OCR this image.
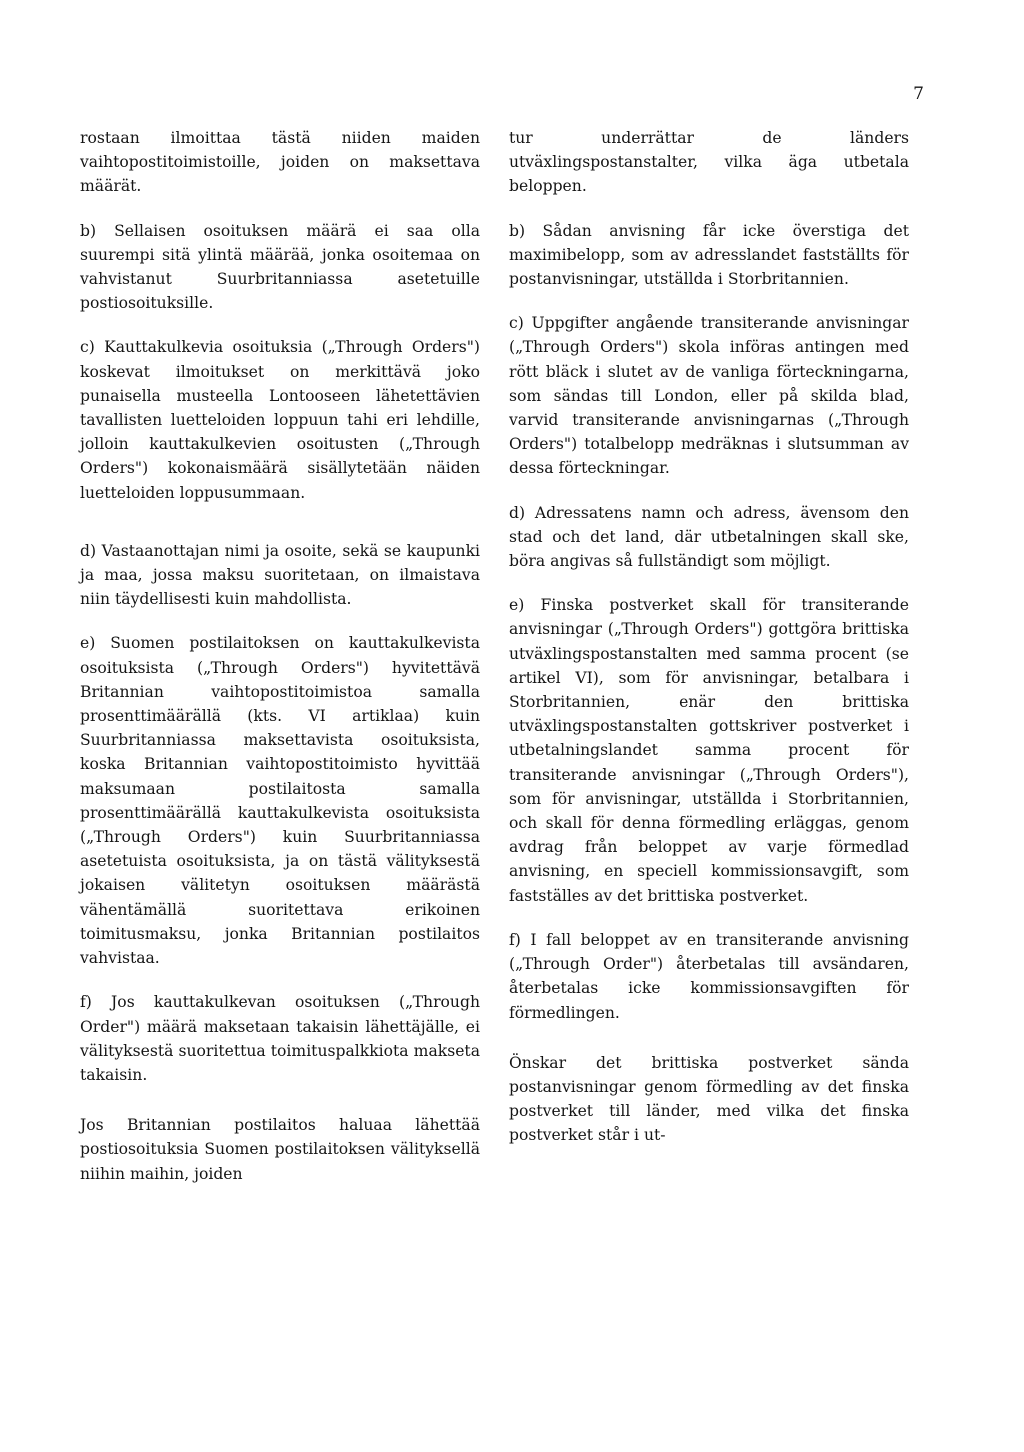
7

rostaan ilmoittaa tästä niiden maiden vaihtopostitoimistoille, joiden on maksettava määrät.

b) Sellaisen osoituksen määrä ei saa olla suurempi sitä ylintä määrää, jonka osoitemaa on vahvistanut Suurbritanniassa asetetuille postiosoituksille.

c) Kauttakulkevia osoituksia („Through Orders") koskevat ilmoitukset on merkittävä joko punaisella musteella Lontooseen lähetettävien tavallisten luetteloiden loppuun tahi eri lehdille, jolloin kauttakulkevien osoitusten („Through Orders") kokonaismäärä sisällytetään näiden luetteloiden loppusummaan.

d) Vastaanottajan nimi ja osoite, sekä se kaupunki ja maa, jossa maksu suoritetaan, on ilmaistava niin täydellisesti kuin mahdollista.

e) Suomen postilaitoksen on kauttakulkevista osoituksista („Through Orders") hyvitettävä Britannian vaihtopostitoimistoa samalla prosenttimäärällä (kts. VI artiklaa) kuin Suurbritanniassa maksettavista osoituksista, koska Britannian vaihtopostitoimisto hyvittää maksumaan postilaitosta samalla prosenttimäärällä kauttakulkevista osoituksista („Through Orders") kuin Suurbritanniassa asetetuista osoituksista, ja on tästä välityksestä jokaisen välitetyn osoituksen määrästä vähentämällä suoritettava erikoinen toimitusmaksu, jonka Britannian postilaitos vahvistaa.

f) Jos kauttakulkevan osoituksen („Through Order") määrä maksetaan takaisin lähettäjälle, ei välityksestä suoritettua toimituspalkkiota makseta takaisin.

Jos Britannian postilaitos haluaa lähettää postiosoituksia Suomen postilaitoksen välityksellä niihin maihin, joiden

tur underrättar de länders utväxlingspostanstalter, vilka äga utbetala beloppen.

b) Sådan anvisning får icke överstiga det maximibelopp, som av adresslandet fastställts för postanvisningar, utställda i Storbritannien.

c) Uppgifter angående transiterande anvisningar („Through Orders") skola införas antingen med rött bläck i slutet av de vanliga förteckningarna, som sändas till London, eller på skilda blad, varvid transiterande anvisningarnas („Through Orders") totalbelopp medräknas i slutsumman av dessa förteckningar.

d) Adressatens namn och adress, ävensom den stad och det land, där utbetalningen skall ske, böra angivas så fullständigt som möjligt.

e) Finska postverket skall för transiterande anvisningar („Through Orders") gottgöra brittiska utväxlingspostanstalten med samma procent (se artikel VI), som för anvisningar, betalbara i Storbritannien, enär den brittiska utväxlingspostanstalten gottskriver postverket i utbetalningslandet samma procent för transiterande anvisningar („Through Orders"), som för anvisningar, utställda i Storbritannien, och skall för denna förmedling erläggas, genom avdrag från beloppet av varje förmedlad anvisning, en speciell kommissionsavgift, som fastställes av det brittiska postverket.

f) I fall beloppet av en transiterande anvisning („Through Order") återbetalas till avsändaren, återbetalas icke kommissionsavgiften för förmedlingen.

Önskar det brittiska postverket sända postanvisningar genom förmedling av det finska postverket till länder, med vilka det finska postverket står i ut-
